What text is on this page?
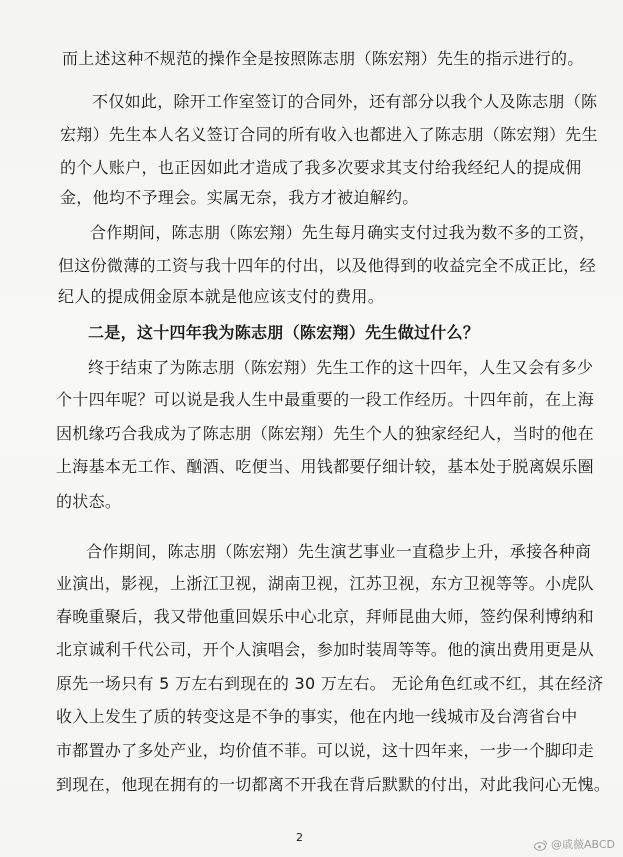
而上述这种不规范的操作全是按照陈志朋（陈宏翔）先生的指示进行的。
不仅如此，除开工作室签订的合同外，还有部分以我个人及陈志朋（陈
宏翔）先生本人名义签订合同的所有收入也都进入了陈志朋（陈宏翔）先生
的个人账户，也正因如此才造成了我多次要求其支付给我经纪人的提成佣
金，他均不予理会。实属无奈，我方才被迫解约。
合作期间，陈志朋（陈宏翔）先生每月确实支付过我为数不多的工资，
但这份微薄的工资与我十四年的付出，以及他得到的收益完全不成正比，经
纪人的提成佣金原本就是他应该支付的费用。
二是，这十四年我为陈志朋（陈宏翔）先生做过什么？
终于结束了为陈志朋（陈宏翔）先生工作的这十四年，人生又会有多少
个十四年呢？可以说是我人生中最重要的一段工作经历。十四年前，在上海
因机缘巧合我成为了陈志朋（陈宏翔）先生个人的独家经纪人，当时的他在
上海基本无工作、酗酒、吃便当、用钱都要仔细计较，基本处于脱离娱乐圈
的状态。
合作期间，陈志朋（陈宏翔）先生演艺事业一直稳步上升，承接各种商
业演出，影视，上浙江卫视，湖南卫视，江苏卫视，东方卫视等等。小虎队
春晚重聚后，我又带他重回娱乐中心北京，拜师昆曲大师，签约保利博纳和
北京诚利千代公司，开个人演唱会，参加时装周等等。他的演出费用更是从
原先一场只有 5 万左右到现在的 30 万左右。 无论角色红或不红，其在经济
收入上发生了质的转变这是不争的事实，他在内地一线城市及台湾省台中
市都置办了多处产业，均价值不菲。可以说，这十四年来，一步一个脚印走
到现在，他现在拥有的一切都离不开我在背后默默的付出，对此我问心无愧。
2
@戚薇ABCD
